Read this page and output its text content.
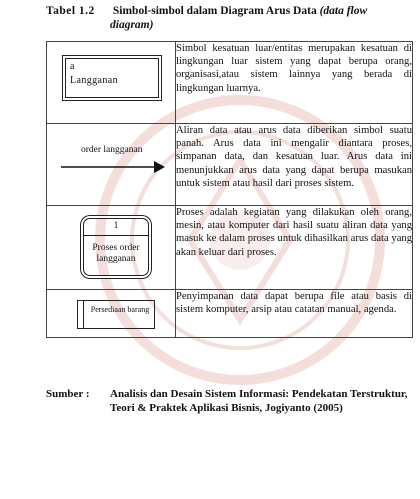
Tabel 1.2 Simbol-simbol dalam Diagram Arus Data (data flow
diagram)
a
Langganan	Simbol kesatuan luar/entitas merupakan kesatuan di lingkungan luar sistem yang dapat berupa orang, organisasi,atau sistem lainnya yang berada di lingkungan luarnya.

order langganan	Aliran data atau arus data diberikan simbol suatu panah. Arus data ini mengalir diantara proses, simpanan data, dan kesatuan luar. Arus data ini menunjukkan arus data yang dapat berupa masukan untuk sistem atau hasil dari proses sistem.

1
Proses order langganan	Proses adalah kegiatan yang dilakukan oleh orang, mesin, atau komputer dari hasil suatu aliran data yang masuk ke dalam proses untuk dihasilkan arus data yang akan keluar dari proses.

Persediaan barang	Penyimpanan data dapat berupa file atau basis di sistem komputer, arsip atau catatan manual, agenda.
Sumber : Analisis dan Desain Sistem Informasi: Pendekatan Terstruktur,
Teori & Praktek Aplikasi Bisnis, Jogiyanto (2005)
